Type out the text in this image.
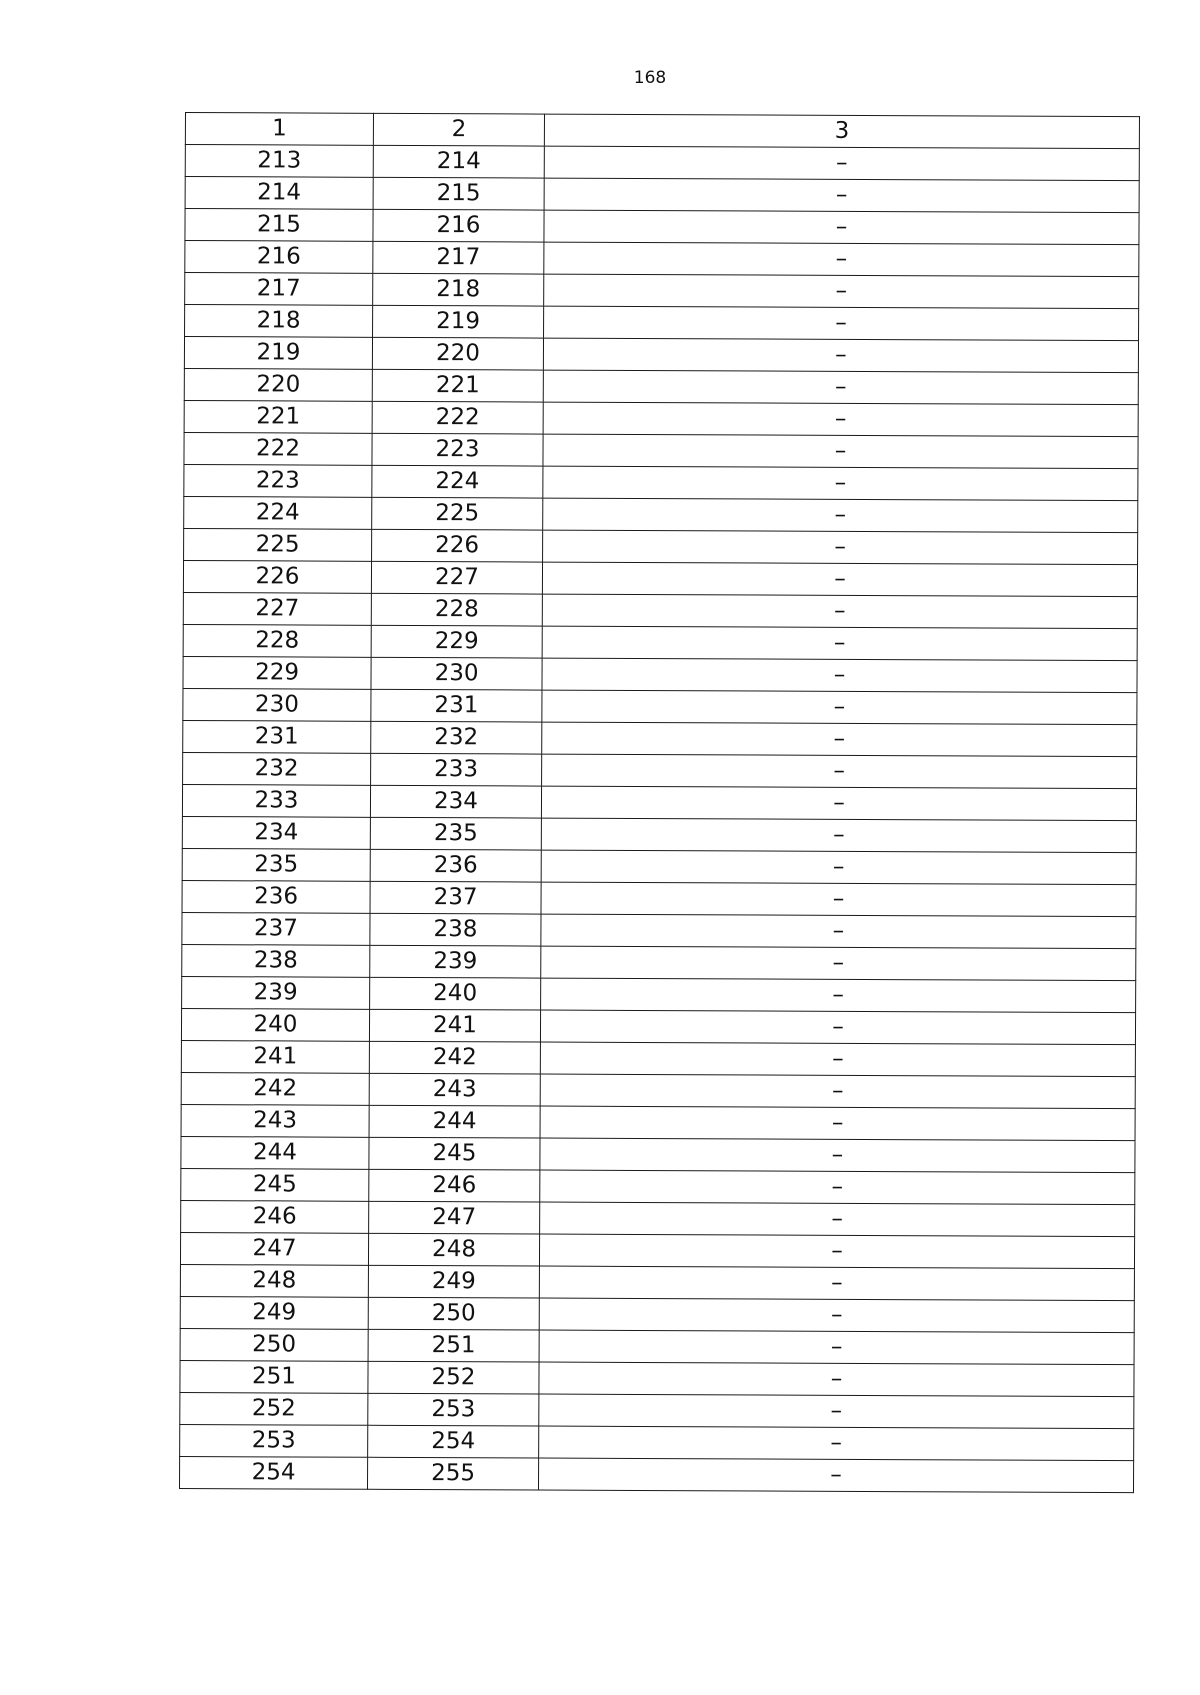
168
1	2	3
213	214	–
214	215	–
215	216	–
216	217	–
217	218	–
218	219	–
219	220	–
220	221	–
221	222	–
222	223	–
223	224	–
224	225	–
225	226	–
226	227	–
227	228	–
228	229	–
229	230	–
230	231	–
231	232	–
232	233	–
233	234	–
234	235	–
235	236	–
236	237	–
237	238	–
238	239	–
239	240	–
240	241	–
241	242	–
242	243	–
243	244	–
244	245	–
245	246	–
246	247	–
247	248	–
248	249	–
249	250	–
250	251	–
251	252	–
252	253	–
253	254	–
254	255	–
